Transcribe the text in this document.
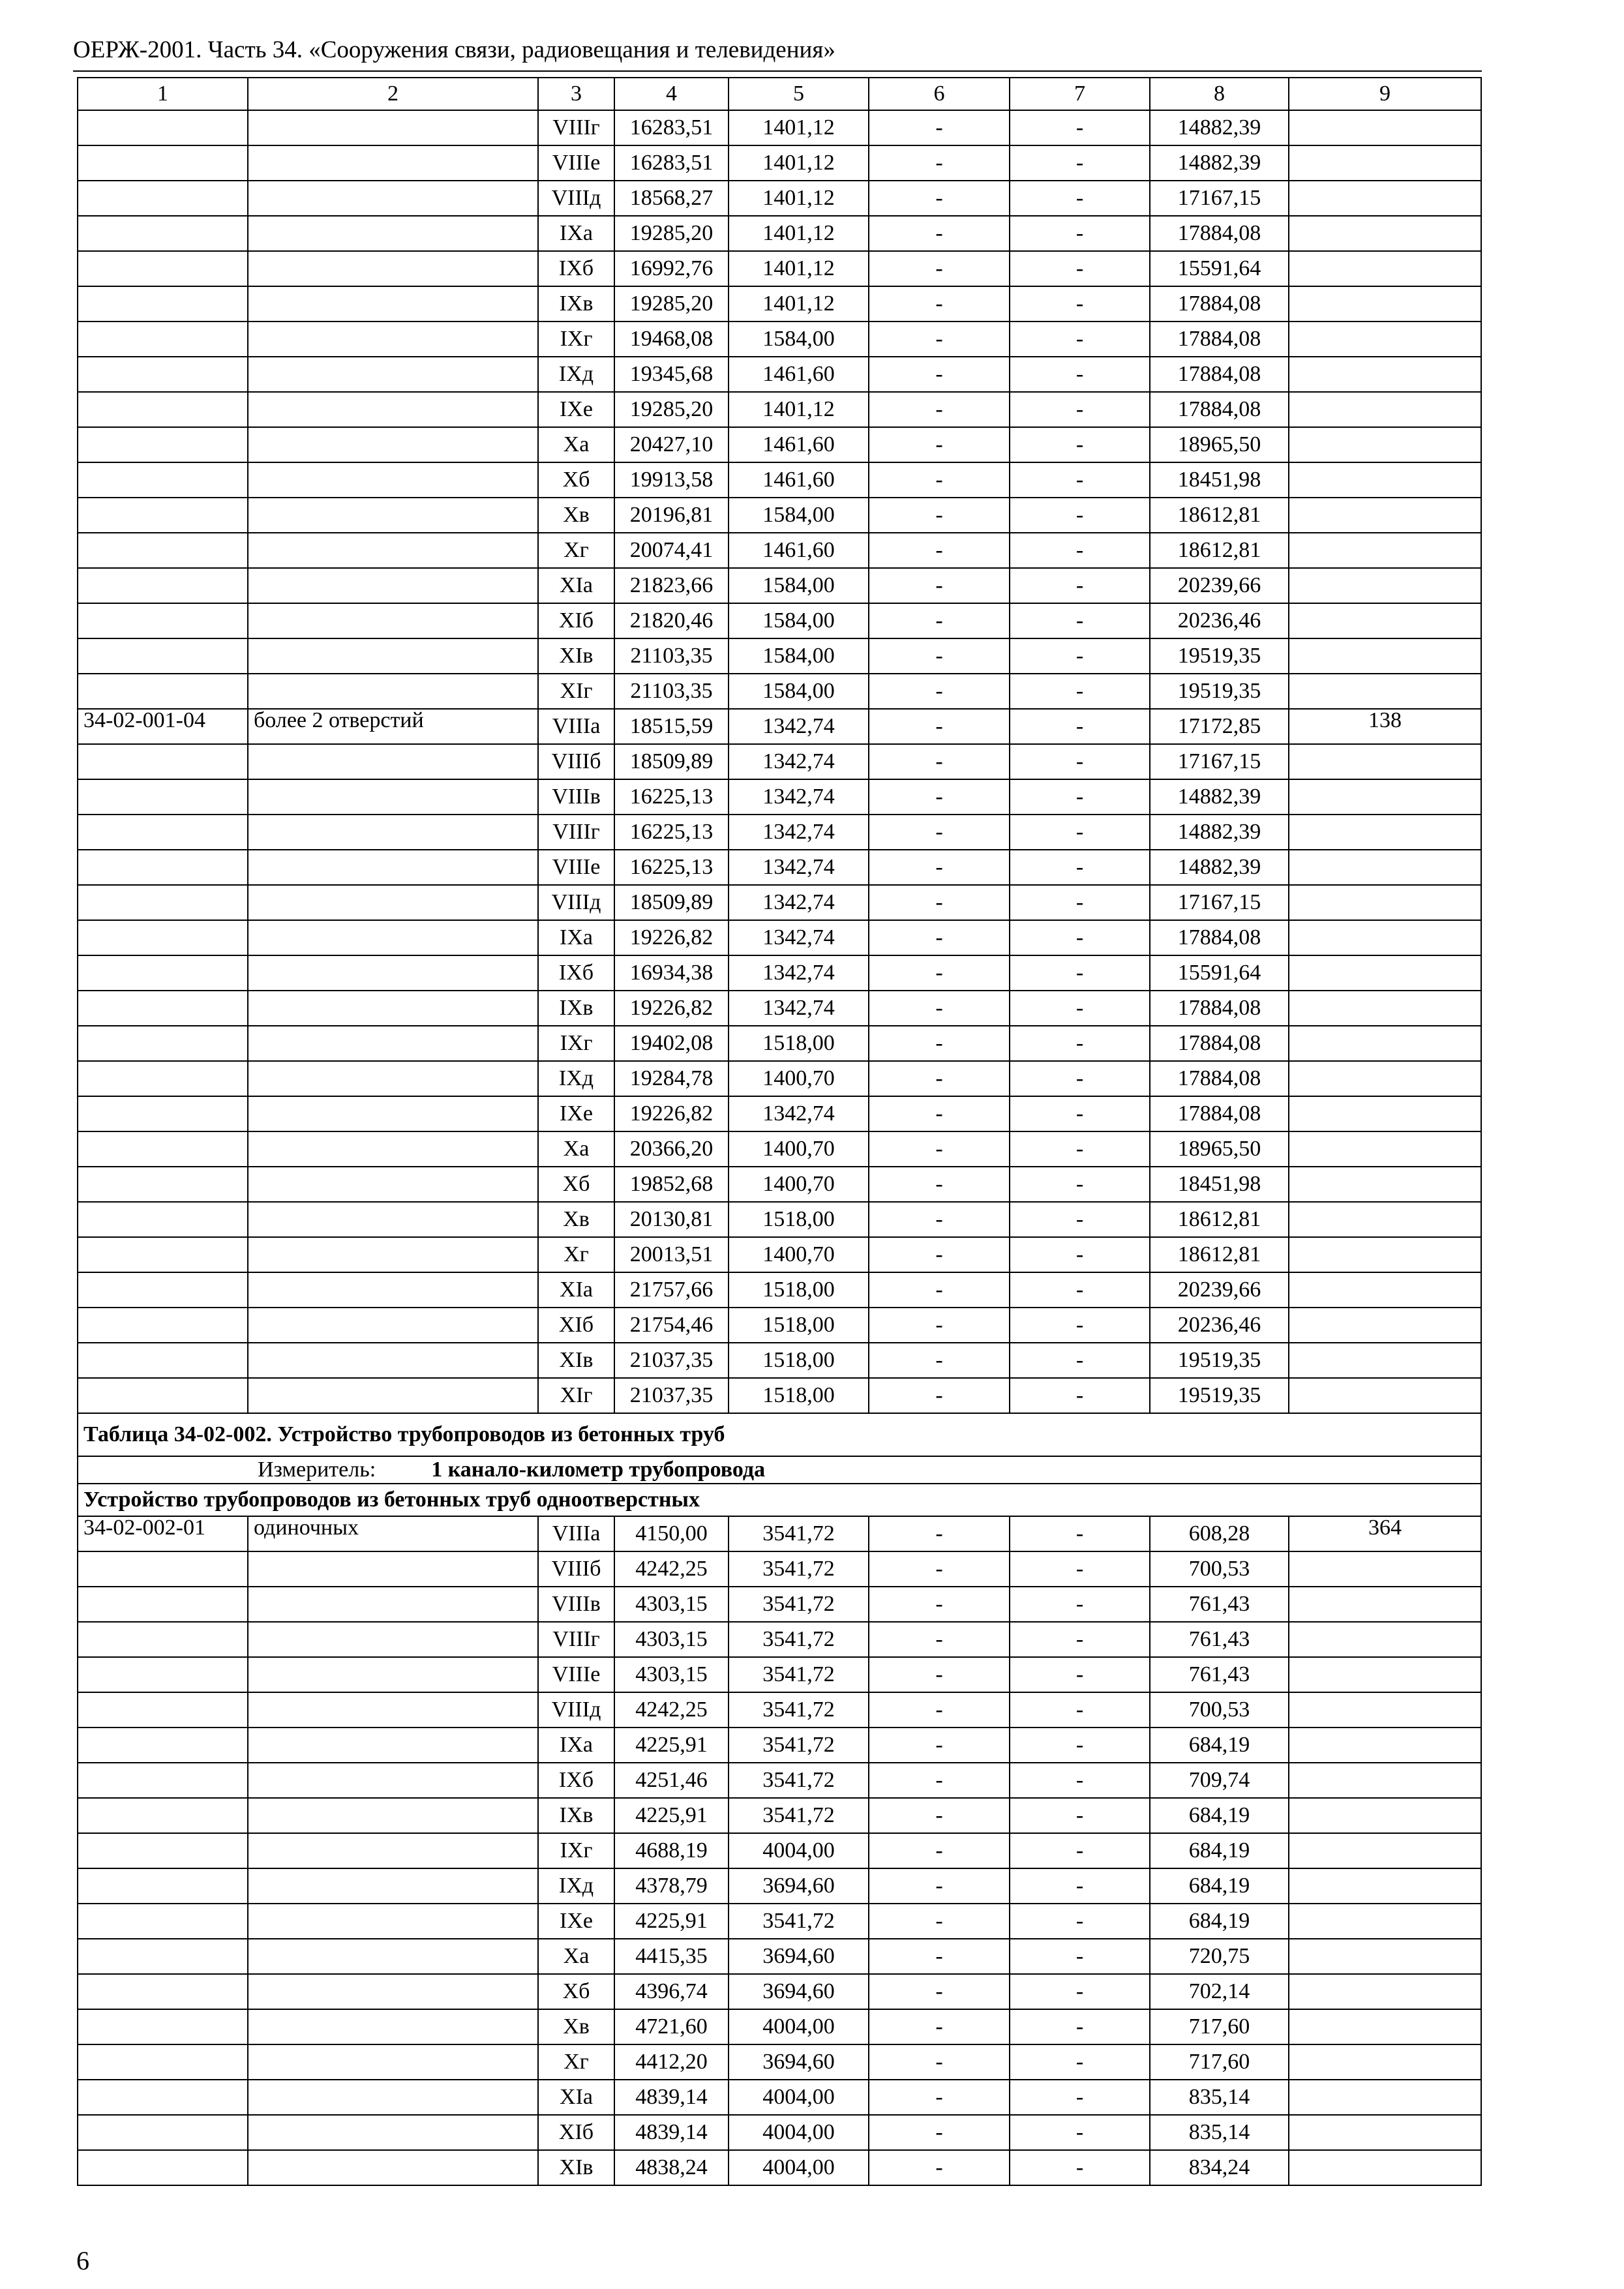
ОЕРЖ-2001. Часть 34. «Сооружения связи, радиовещания и телевидения»
1	2	3	4	5	6	7	8	9
		VIIIг	16283,51	1401,12	-	-	14882,39	
		VIIIe	16283,51	1401,12	-	-	14882,39	
		VIIIд	18568,27	1401,12	-	-	17167,15	
		IXa	19285,20	1401,12	-	-	17884,08	
		IXб	16992,76	1401,12	-	-	15591,64	
		IXв	19285,20	1401,12	-	-	17884,08	
		IXг	19468,08	1584,00	-	-	17884,08	
		IXд	19345,68	1461,60	-	-	17884,08	
		IXe	19285,20	1401,12	-	-	17884,08	
		Xa	20427,10	1461,60	-	-	18965,50	
		Xб	19913,58	1461,60	-	-	18451,98	
		Xв	20196,81	1584,00	-	-	18612,81	
		Xг	20074,41	1461,60	-	-	18612,81	
		XIa	21823,66	1584,00	-	-	20239,66	
		XIб	21820,46	1584,00	-	-	20236,46	
		XIв	21103,35	1584,00	-	-	19519,35	
		XIг	21103,35	1584,00	-	-	19519,35	
34-02-001-04	более 2 отверстий	VIIIa	18515,59	1342,74	-	-	17172,85	138
		VIIIб	18509,89	1342,74	-	-	17167,15	
		VIIIв	16225,13	1342,74	-	-	14882,39	
		VIIIг	16225,13	1342,74	-	-	14882,39	
		VIIIe	16225,13	1342,74	-	-	14882,39	
		VIIIд	18509,89	1342,74	-	-	17167,15	
		IXa	19226,82	1342,74	-	-	17884,08	
		IXб	16934,38	1342,74	-	-	15591,64	
		IXв	19226,82	1342,74	-	-	17884,08	
		IXг	19402,08	1518,00	-	-	17884,08	
		IXд	19284,78	1400,70	-	-	17884,08	
		IXe	19226,82	1342,74	-	-	17884,08	
		Xa	20366,20	1400,70	-	-	18965,50	
		Xб	19852,68	1400,70	-	-	18451,98	
		Xв	20130,81	1518,00	-	-	18612,81	
		Xг	20013,51	1400,70	-	-	18612,81	
		XIa	21757,66	1518,00	-	-	20239,66	
		XIб	21754,46	1518,00	-	-	20236,46	
		XIв	21037,35	1518,00	-	-	19519,35	
		XIг	21037,35	1518,00	-	-	19519,35	
Таблица 34-02-002. Устройство трубопроводов из бетонных труб								
Измеритель: 1 канало-километр трубопровода								
Устройство трубопроводов из бетонных труб одноотверстных								
34-02-002-01	одиночных	VIIIa	4150,00	3541,72	-	-	608,28	364
		VIIIб	4242,25	3541,72	-	-	700,53	
		VIIIв	4303,15	3541,72	-	-	761,43	
		VIIIг	4303,15	3541,72	-	-	761,43	
		VIIIe	4303,15	3541,72	-	-	761,43	
		VIIIд	4242,25	3541,72	-	-	700,53	
		IXa	4225,91	3541,72	-	-	684,19	
		IXб	4251,46	3541,72	-	-	709,74	
		IXв	4225,91	3541,72	-	-	684,19	
		IXг	4688,19	4004,00	-	-	684,19	
		IXд	4378,79	3694,60	-	-	684,19	
		IXe	4225,91	3541,72	-	-	684,19	
		Xa	4415,35	3694,60	-	-	720,75	
		Xб	4396,74	3694,60	-	-	702,14	
		Xв	4721,60	4004,00	-	-	717,60	
		Xг	4412,20	3694,60	-	-	717,60	
		XIa	4839,14	4004,00	-	-	835,14	
		XIб	4839,14	4004,00	-	-	835,14	
		XIв	4838,24	4004,00	-	-	834,24	
6
